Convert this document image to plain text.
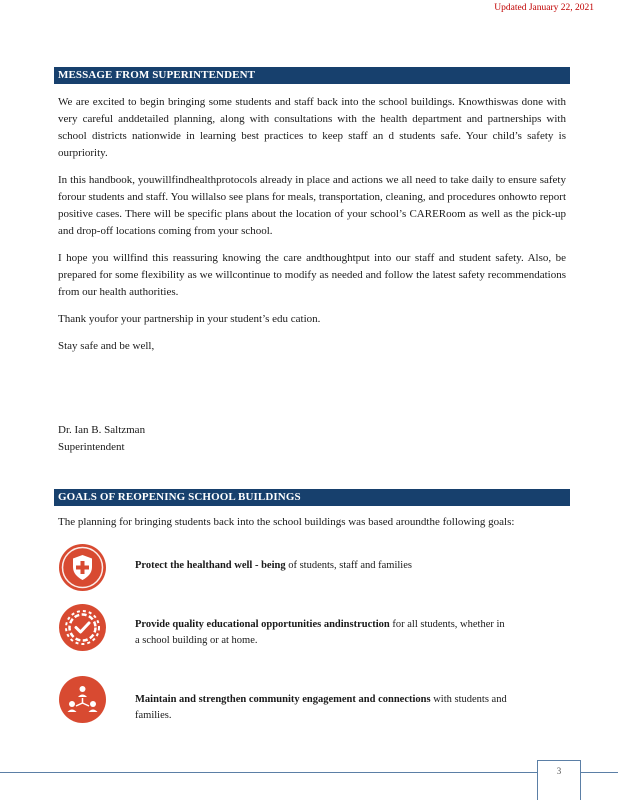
Updated January 22, 2021
MESSAGE FROM SUPERINTENDENT

We are excited to begin bringing some students and staff back into the school buildings. Knowthiswas done with very careful anddetailed planning, along with consultations with the health department and partnerships with school districts nationwide in learning best practices to keep staff an d students safe. Your child’s safety is ourpriority.

In this handbook, youwillfindhealthprotocols already in place and actions we all need to take daily to ensure safety forour students and staff. You willalso see plans for meals, transportation, cleaning, and procedures onhowto report positive cases. There will be specific plans about the location of your school’s CARERoom as well as the pick-up and drop-off locations coming from your school.

I hope you willfind this reassuring knowing the care andthoughtput into our staff and student safety. Also, be prepared for some flexibility as we willcontinue to modify as needed and follow the latest safety recommendations from our health authorities.

Thank youfor your partnership in your student’s edu cation.

Stay safe and be well,

Dr. Ian B. Saltzman
Superintendent
GOALS OF REOPENING SCHOOL BUILDINGS

The planning for bringing students back into the school buildings was based aroundthe following goals:

Protect the healthand well - being of students, staff and families
Provide quality educational opportunities andinstruction for all students, whether in
a school building or at home.
Maintain and strengthen community engagement and connections with students and
families.
3
